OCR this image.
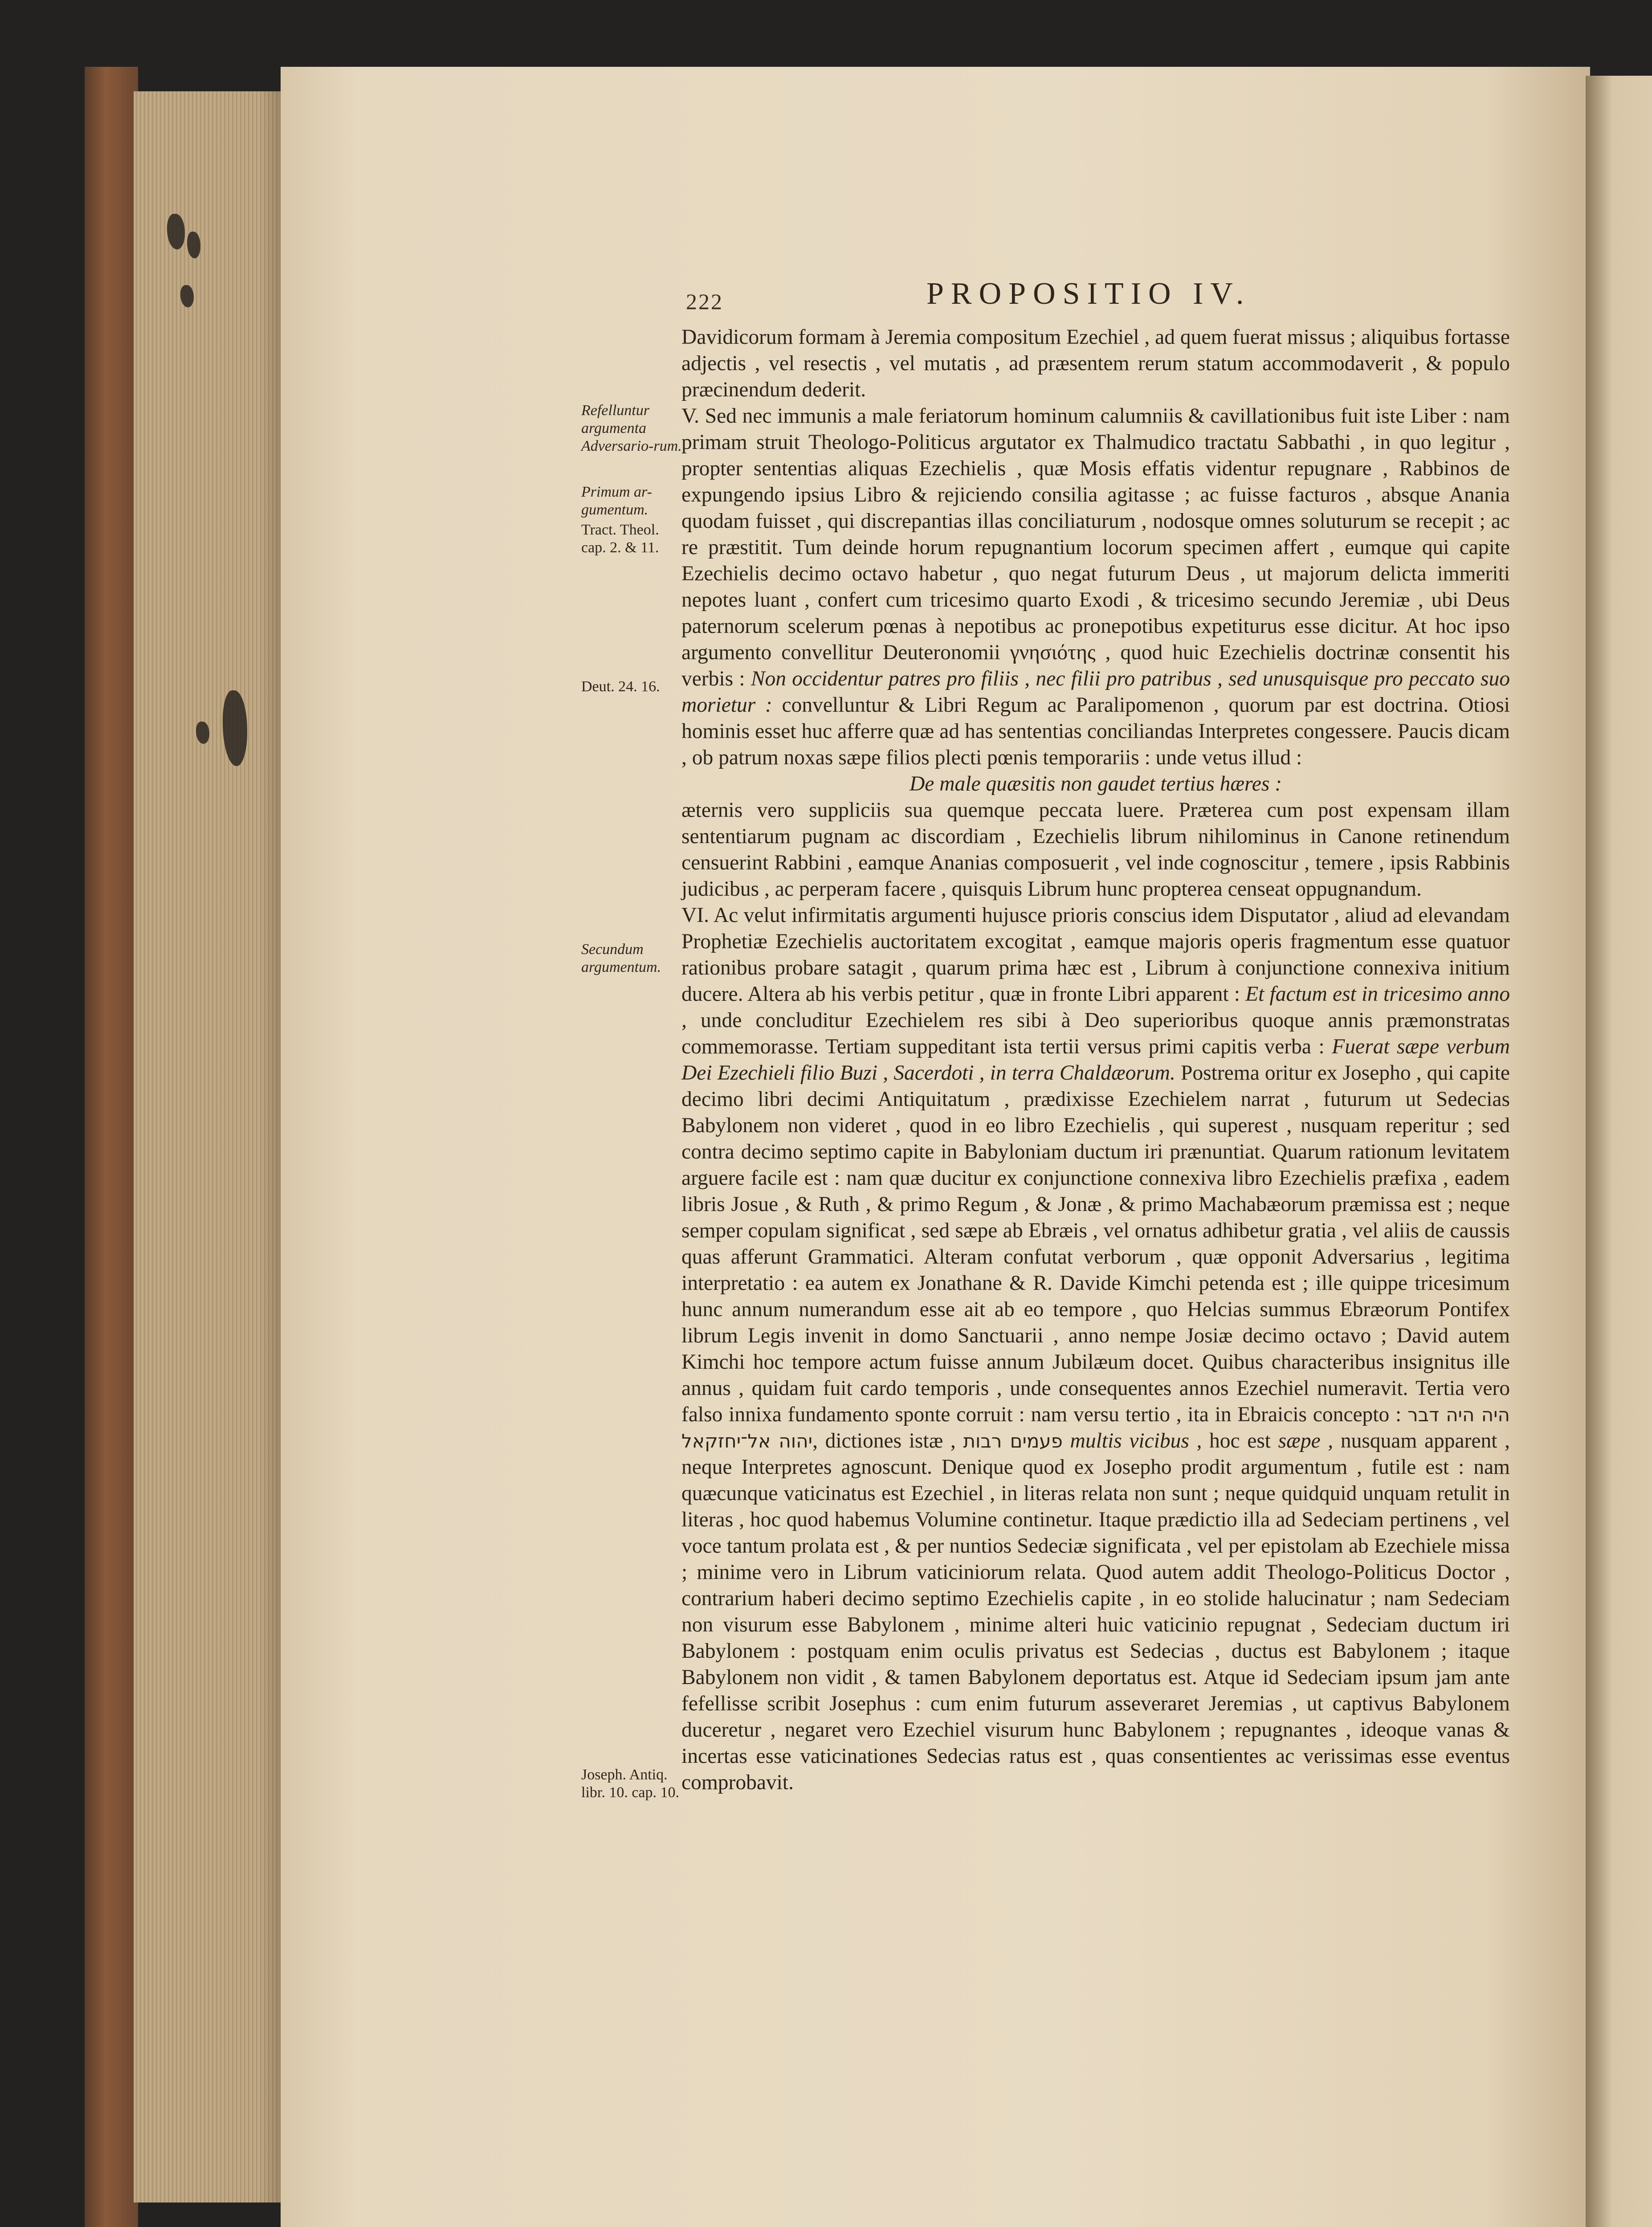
222	PROPOSITIO IV.
Refelluntur argumenta Adversario-rum.
Primum ar-gumentum.
Tract. Theol. cap. 2. & 11.
Deut. 24. 16.
Secundum argumentum.
Joseph. Antiq. libr. 10. cap. 10.

Davidicorum formam à Jeremia compositum Ezechiel , ad quem fuerat missus ; aliquibus fortasse adjectis , vel resectis , vel mutatis , ad præsentem rerum statum accommodaverit , & populo præcinendum dederit.

V. Sed nec immunis a male feriatorum hominum calumniis & cavillationibus fuit iste Liber : nam primam struit Theologo-Politicus argutator ex Thalmudico tractatu Sabbathi , in quo legitur , propter sententias aliquas Ezechielis , quæ Mosis effatis videntur repugnare , Rabbinos de expungendo ipsius Libro & rejiciendo consilia agitasse ; ac fuisse facturos , absque Anania quodam fuisset , qui discrepantias illas conciliaturum , nodosque omnes soluturum se recepit ; ac re præstitit. Tum deinde horum repugnantium locorum specimen affert , eumque qui capite Ezechielis decimo octavo habetur , quo negat futurum Deus , ut majorum delicta immeriti nepotes luant , confert cum tricesimo quarto Exodi , & tricesimo secundo Jeremiæ , ubi Deus paternorum scelerum pœnas à nepotibus ac pronepotibus expetiturus esse dicitur. At hoc ipso argumento convellitur Deuteronomii γνησιότης , quod huic Ezechielis doctrinæ consentit his verbis : Non occidentur patres pro filiis , nec filii pro patribus , sed unusquisque pro peccato suo morietur : convelluntur & Libri Regum ac Paralipomenon , quorum par est doctrina. Otiosi hominis esset huc afferre quæ ad has sententias conciliandas Interpretes congessere. Paucis dicam , ob patrum noxas sæpe filios plecti pœnis temporariis : unde vetus illud :

De male quæsitis non gaudet tertius hæres :

æternis vero suppliciis sua quemque peccata luere. Præterea cum post expensam illam sententiarum pugnam ac discordiam , Ezechielis librum nihilominus in Canone retinendum censuerint Rabbini , eamque Ananias composuerit , vel inde cognoscitur , temere , ipsis Rabbinis judicibus , ac perperam facere , quisquis Librum hunc propterea censeat oppugnandum.

VI. Ac velut infirmitatis argumenti hujusce prioris conscius idem Disputator , aliud ad elevandam Prophetiæ Ezechielis auctoritatem excogitat , eamque majoris operis fragmentum esse quatuor rationibus probare satagit , quarum prima hæc est , Librum à conjunctione connexiva initium ducere. Altera ab his verbis petitur , quæ in fronte Libri apparent : Et factum est in tricesimo anno , unde concluditur Ezechielem res sibi à Deo superioribus quoque annis præmonstratas commemorasse. Tertiam suppeditant ista tertii versus primi capitis verba : Fuerat sæpe verbum Dei Ezechieli filio Buzi , Sacerdoti , in terra Chaldæorum. Postrema oritur ex Josepho , qui capite decimo libri decimi Antiquitatum , prædixisse Ezechielem narrat , futurum ut Sedecias Babylonem non videret , quod in eo libro Ezechielis , qui superest , nusquam reperitur ; sed contra decimo septimo capite in Babyloniam ductum iri prænuntiat. Quarum rationum levitatem arguere facile est : nam quæ ducitur ex conjunctione connexiva libro Ezechielis præfixa , eadem libris Josue , & Ruth , & primo Regum , & Jonæ , & primo Machabæorum præmissa est ; neque semper copulam significat , sed sæpe ab Ebræis , vel ornatus adhibetur gratia , vel aliis de caussis quas afferunt Grammatici. Alteram confutat verborum , quæ opponit Adversarius , legitima interpretatio : ea autem ex Jonathane & R. Davide Kimchi petenda est ; ille quippe tricesimum hunc annum numerandum esse ait ab eo tempore , quo Helcias summus Ebræorum Pontifex librum Legis invenit in domo Sanctuarii , anno nempe Josiæ decimo octavo ; David autem Kimchi hoc tempore actum fuisse annum Jubilæum docet. Quibus characteribus insignitus ille annus , quidam fuit cardo temporis , unde consequentes annos Ezechiel numeravit. Tertia vero falso innixa fundamento sponte corruit : nam versu tertio , ita in Ebraicis concepto : היה היה דבר יהוה אל־יחזקאל, dictiones istæ , פעמים רבות multis vicibus , hoc est sæpe , nusquam apparent , neque Interpretes agnoscunt. Denique quod ex Josepho prodit argumentum , futile est : nam quæcunque vaticinatus est Ezechiel , in literas relata non sunt ; neque quidquid unquam retulit in literas , hoc quod habemus Volumine continetur. Itaque prædictio illa ad Sedeciam pertinens , vel voce tantum prolata est , & per nuntios Sedeciæ significata , vel per epistolam ab Ezechiele missa ; minime vero in Librum vaticiniorum relata. Quod autem addit Theologo-Politicus Doctor , contrarium haberi decimo septimo Ezechielis capite , in eo stolide halucinatur ; nam Sedeciam non visurum esse Babylonem , minime alteri huic vaticinio repugnat , Sedeciam ductum iri Babylonem : postquam enim oculis privatus est Sedecias , ductus est Babylonem ; itaque Babylonem non vidit , & tamen Babylonem deportatus est. Atque id Sedeciam ipsum jam ante fefellisse scribit Josephus : cum enim futurum asseveraret Jeremias , ut captivus Babylonem duceretur , negaret vero Ezechiel visurum hunc Babylonem ; repugnantes , ideoque vanas & incertas esse vaticinationes Sedecias ratus est , quas consentientes ac verissimas esse eventus comprobavit.
